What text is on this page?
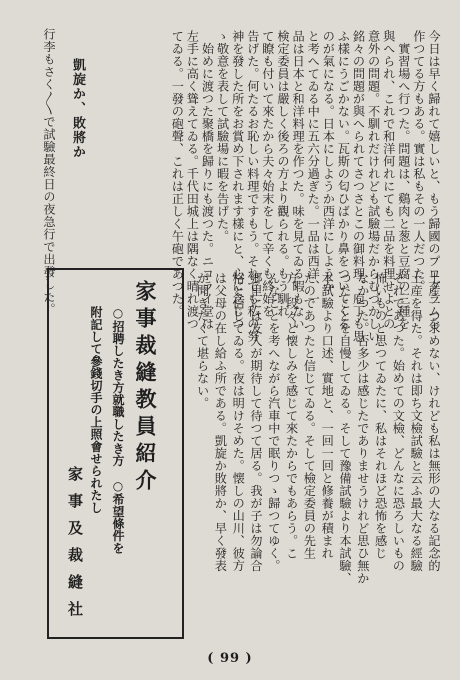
今日は早く歸れて嬉しいと、もう歸國のプログラムを
作つてる方もある。實は私もその一人だつた。
　實習場へ行つた。問題は、鷄肉と葱と豆腐の三種を
與へられ、これで和洋何れにても二品を料理せよとの
意外の問題。不馴れだけれども試驗場だからむづかしい
銘々の問題が與へられてさつさとこの御料理、庖丁も思
ふ樣にうごかない。瓦斯の匂ひばかり鼻をついてくる
のが氣になる。日本にしようか西洋にしようか
と考へてゐる中に五六分過ぎた。一品は西洋、一
品は日本と和洋料理を作つた。味を見てゐる暇もない
検定委員は嚴しく後ろの方より觀られる。もう馴れ
て瞭も付いて來たから夫々始末をして辛くも終始を
告げた。何たるお恥しい料理ですもう。それでも私の努
神を發した所をお賞め下されます樣にと、心に念じつ
ゝ敬意を表して試驗場に暇を告げた。
　始めに渡つた聚橋を歸りにも渡つた。ニコライ堂は
左手に高く聳えてゐる。千代田城上は隅なく晴れ渡つ
てゐる。一發の砲聲、これは正しく午砲であつた。
土産一つ求めない、けれども私は無形の大なる記念的
土産を得た。それは即ち文檢試驗と云ふ最大なる經驗
それであつた。始めての文檢、どんなに恐ろしいもの
怖いものと思つてゐたに、私はそれほど恐怖を感じ
なかつた。否多少は感じたでありませうけれど思ひ無か
つたことを自慢してゐる。そして豫備試驗より本試驗、
本試驗より口述、實地と、一回一回と修養が積まれ
たのであつたと信じてゐる。そして檢定委員の先生
方、段々と懐しみを感じて來たからでもあらう。こ
んなことを考へながら汽車中で眠りつゝ歸つてゆく。
郷里には友人が期待して待つて居る。我が子は勿論合
格と信じてゐる。夜は明けそめた。懐しの山川、彼方
は父母の在し給ふ所である。凱旋か敗將か、早く發表
が聞きたくて堪らない。
凱旋か、敗將か
行李もさく〳〵で試驗最終日の夜急行で出發した。
家事裁縫教員紹介
○招聘したき方就職したき方　○希望條件を
附記して參錢切手の上照會せられたし
家事及裁縫社
( 99 )
